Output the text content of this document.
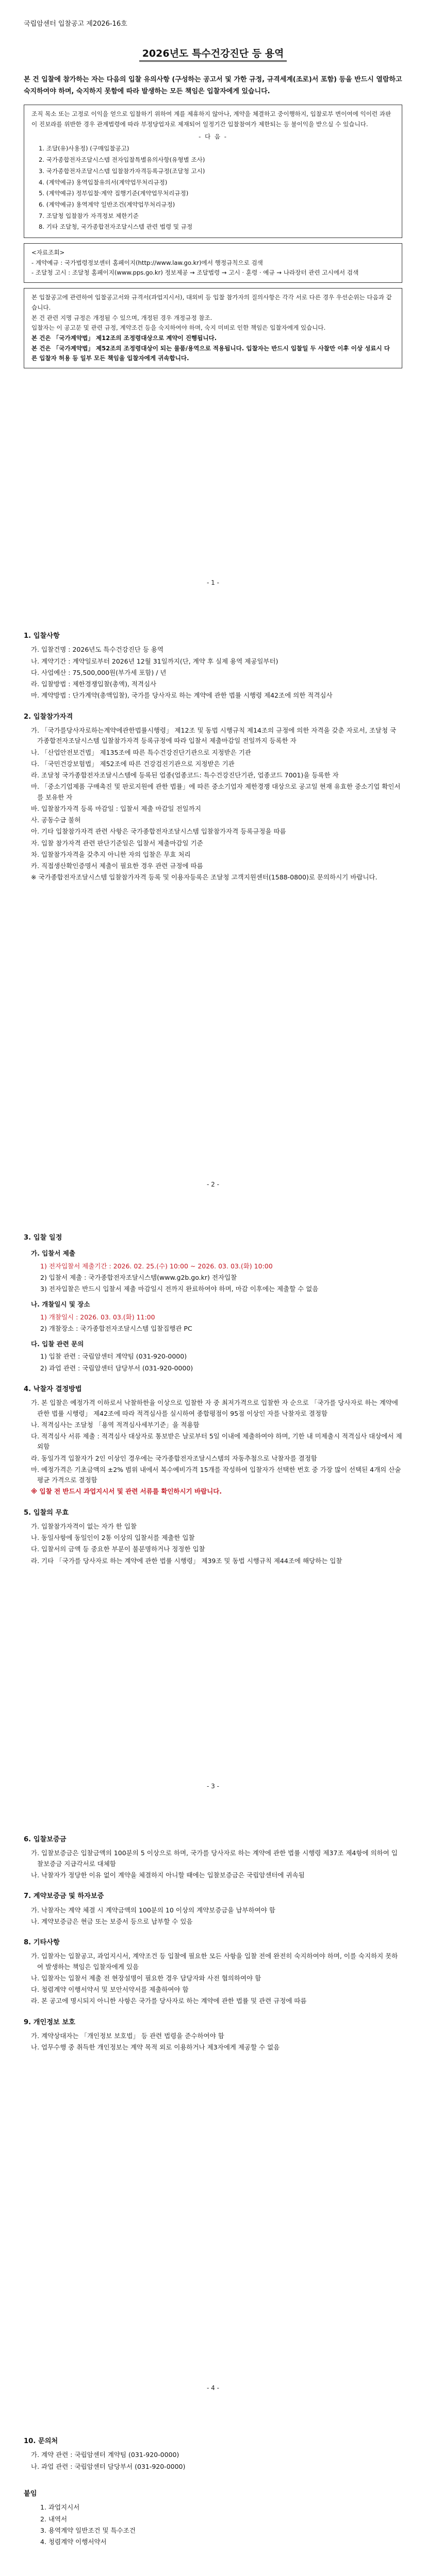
국립암센터 입찰공고 제2026-16호
2026년도 특수건강진단 등 용역
본 건 입찰에 참가하는 자는 다음의 입찰 유의사항 (구성하는 공고서 및 가한 규정, 규격세계(조로)서 포함) 등을 반드시 열람하고 숙지하여야 하며, 숙지하지 못함에 따라 발생하는 모든 책임은 입찰자에게 있습니다.
조직 목소 또는 고정로 이익을 얻으로 입찰하기 위하여 계를 제휴하지 않아나, 계약을 체결하고 중이행하지, 입찰로부 변이여에 익이런 과판이 진보라를 위반한 경우 관계법령에 따라 부정당업자로 제재되어 일정기간 입찰참여가 제한되는 등 불이익을 받으실 수 있습니다.
- 다 음 -
1. 조달(유)사용정) (구매입찰공고)
2. 국가종합전자조달시스템 전자입찰특별유의사항(유형별 조사)
3. 국가종합전자조달시스템 입찰참가자격등록규정(조달청 고시)
4. (계약예규) 용역입찰유의서(계약업무처리규정)
5. (계약예규) 정부입찰·계약 집행기준(계약업무처리규정)
6. (계약예규) 용역계약 일반조건(계약업무처리규정)
7. 조달청 입찰참가 자격정보 제한기준
8. 기타 조달청, 국가종합전자조달시스템 관련 법령 및 규정
<자료조회>
- 계약예규 : 국가법령정보센터 홈페이지(http://www.law.go.kr)에서 행정규칙으로 검색
- 조달청 고시 : 조달청 홈페이지(www.pps.go.kr) 정보제공 → 조달법령 → 고시 · 훈령 · 예규 → 나라장터 관련 고시에서 검색
본 입찰공고에 관련하여 입찰공고서와 규격서(과업지시서), 대외비 등 입찰 참가자의 질의사항은 각각 서로 다른 경우 우선순위는 다음과 같습니다.
본 건 관련 지명 규정은 개정될 수 있으며, 개정된 경우 개정규정 참조.
입찰자는 이 공고문 및 관련 규정, 계약조건 등을 숙지하여야 하며, 숙지 미비로 인한 책임은 입찰자에게 있습니다.
본 건은 「국가계약법」 제12조의 조정령대상으로 계약이 진행됩니다.
본 건은 「국가계약법」 제52조의 조정령대상이 되는 물품/용역으로 적용됩니다. 입찰자는 반드시 입찰일 두 사찰만 이후 이상 성료시 다른 입찰자 허용 등 일부 모든 책임을 입찰자에게 귀속합니다.
- 1 -
1. 입찰사항
가. 입찰건명 : 2026년도 특수건강진단 등 용역
나. 계약기간 : 계약일로부터 2026년 12월 31일까지(단, 계약 후 실제 용역 제공일부터)
다. 사업예산 : 75,500,000원(부가세 포함) / 년
라. 입찰방법 : 제한경쟁입찰(총액), 적격심사
마. 계약방법 : 단가계약(총액입찰), 국가를 당사자로 하는 계약에 관한 법률 시행령 제42조에 의한 적격심사
2. 입찰참가자격
가. 「국가를당사자로하는계약에관한법률시행령」 제12조 및 동법 시행규칙 제14조의 규정에 의한 자격을 갖춘 자로서, 조달청 국가종합전자조달시스템 입찰참가자격 등록규정에 따라 입찰서 제출마감일 전일까지 등록한 자
나. 「산업안전보건법」 제135조에 따른 특수건강진단기관으로 지정받은 기관
다. 「국민건강보험법」 제52조에 따른 건강검진기관으로 지정받은 기관
라. 조달청 국가종합전자조달시스템에 등록된 업종(업종코드: 특수건강진단기관, 업종코드 7001)을 등록한 자
마. 「중소기업제품 구매촉진 및 판로지원에 관한 법률」에 따른 중소기업자 제한경쟁 대상으로 공고일 현재 유효한 중소기업 확인서를 보유한 자
바. 입찰참가자격 등록 마감일 : 입찰서 제출 마감일 전일까지
사. 공동수급 불허
아. 기타 입찰참가자격 관련 사항은 국가종합전자조달시스템 입찰참가자격 등록규정을 따름
자. 입찰 참가자격 관련 판단기준일은 입찰서 제출마감일 기준
차. 입찰참가자격을 갖추지 아니한 자의 입찰은 무효 처리
카. 직접생산확인증명서 제출이 필요한 경우 관련 규정에 따름
※ 국가종합전자조달시스템 입찰참가자격 등록 및 이용자등록은 조달청 고객지원센터(1588-0800)로 문의하시기 바랍니다.
- 2 -
3. 입찰 일정
가. 입찰서 제출
1) 전자입찰서 제출기간 : 2026. 02. 25.(수) 10:00 ~ 2026. 03. 03.(화) 10:00
2) 입찰서 제출 : 국가종합전자조달시스템(www.g2b.go.kr) 전자입찰
3) 전자입찰은 반드시 입찰서 제출 마감일시 전까지 완료하여야 하며, 마감 이후에는 제출할 수 없음
나. 개찰일시 및 장소
1) 개찰일시 : 2026. 03. 03.(화) 11:00
2) 개찰장소 : 국가종합전자조달시스템 입찰집행관 PC
다. 입찰 관련 문의
1) 입찰 관련 : 국립암센터 계약팀 (031-920-0000)
2) 과업 관련 : 국립암센터 담당부서 (031-920-0000)
4. 낙찰자 결정방법
가. 본 입찰은 예정가격 이하로서 낙찰하한율 이상으로 입찰한 자 중 최저가격으로 입찰한 자 순으로 「국가를 당사자로 하는 계약에 관한 법률 시행령」 제42조에 따라 적격심사를 실시하여 종합평점이 95점 이상인 자를 낙찰자로 결정함
나. 적격심사는 조달청 「용역 적격심사세부기준」을 적용함
다. 적격심사 서류 제출 : 적격심사 대상자로 통보받은 날로부터 5일 이내에 제출하여야 하며, 기한 내 미제출시 적격심사 대상에서 제외함
라. 동일가격 입찰자가 2인 이상인 경우에는 국가종합전자조달시스템의 자동추첨으로 낙찰자를 결정함
마. 예정가격은 기초금액의 ±2% 범위 내에서 복수예비가격 15개를 작성하여 입찰자가 선택한 번호 중 가장 많이 선택된 4개의 산술평균 가격으로 결정함
※ 입찰 전 반드시 과업지시서 및 관련 서류를 확인하시기 바랍니다.
5. 입찰의 무효
가. 입찰참가자격이 없는 자가 한 입찰
나. 동일사항에 동일인이 2통 이상의 입찰서를 제출한 입찰
다. 입찰서의 금액 등 중요한 부분이 불분명하거나 정정한 입찰
라. 기타 「국가를 당사자로 하는 계약에 관한 법률 시행령」 제39조 및 동법 시행규칙 제44조에 해당하는 입찰
- 3 -
6. 입찰보증금
가. 입찰보증금은 입찰금액의 100분의 5 이상으로 하며, 국가를 당사자로 하는 계약에 관한 법률 시행령 제37조 제4항에 의하여 입찰보증금 지급각서로 대체함
나. 낙찰자가 정당한 이유 없이 계약을 체결하지 아니할 때에는 입찰보증금은 국립암센터에 귀속됨
7. 계약보증금 및 하자보증
가. 낙찰자는 계약 체결 시 계약금액의 100분의 10 이상의 계약보증금을 납부하여야 함
나. 계약보증금은 현금 또는 보증서 등으로 납부할 수 있음
8. 기타사항
가. 입찰자는 입찰공고, 과업지시서, 계약조건 등 입찰에 필요한 모든 사항을 입찰 전에 완전히 숙지하여야 하며, 이를 숙지하지 못하여 발생하는 책임은 입찰자에게 있음
나. 입찰자는 입찰서 제출 전 현장설명이 필요한 경우 담당자와 사전 협의하여야 함
다. 청렴계약 이행서약서 및 보안서약서를 제출하여야 함
라. 본 공고에 명시되지 아니한 사항은 국가를 당사자로 하는 계약에 관한 법률 및 관련 규정에 따름
9. 개인정보 보호
가. 계약상대자는 「개인정보 보호법」 등 관련 법령을 준수하여야 함
나. 업무수행 중 취득한 개인정보는 계약 목적 외로 이용하거나 제3자에게 제공할 수 없음
- 4 -
10. 문의처
가. 계약 관련 : 국립암센터 계약팀 (031-920-0000)
나. 과업 관련 : 국립암센터 담당부서 (031-920-0000)
붙임
1. 과업지시서
2. 내역서
3. 용역계약 일반조건 및 특수조건
4. 청렴계약 이행서약서
